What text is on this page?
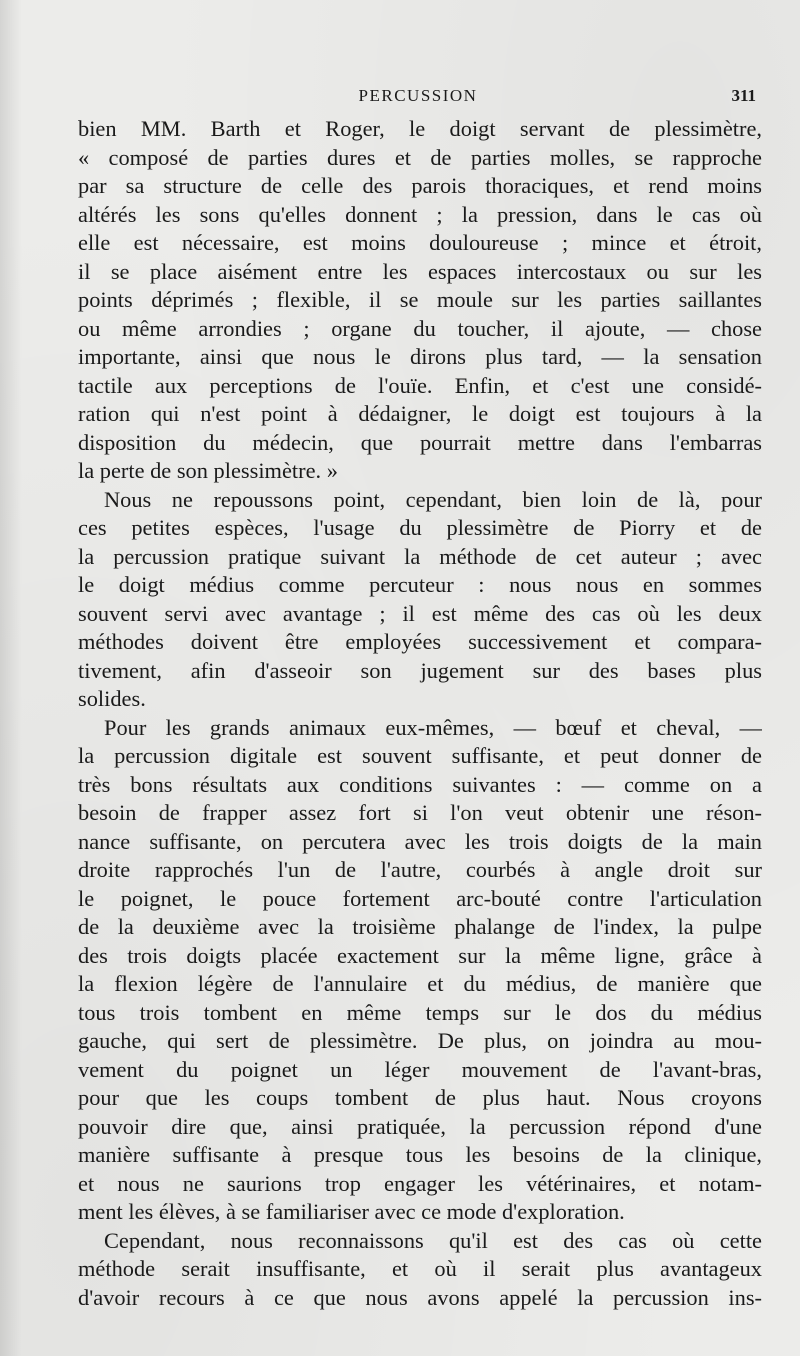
PERCUSSION	311
bien MM. Barth et Roger, le doigt servant de plessimètre,
« composé de parties dures et de parties molles, se rapproche
par sa structure de celle des parois thoraciques, et rend moins
altérés les sons qu'elles donnent ; la pression, dans le cas où
elle est nécessaire, est moins douloureuse ; mince et étroit,
il se place aisément entre les espaces intercostaux ou sur les
points déprimés ; flexible, il se moule sur les parties saillantes
ou même arrondies ; organe du toucher, il ajoute, — chose
importante, ainsi que nous le dirons plus tard, — la sensation
tactile aux perceptions de l'ouïe. Enfin, et c'est une considé-
ration qui n'est point à dédaigner, le doigt est toujours à la
disposition du médecin, que pourrait mettre dans l'embarras
la perte de son plessimètre. »
Nous ne repoussons point, cependant, bien loin de là, pour
ces petites espèces, l'usage du plessimètre de Piorry et de
la percussion pratique suivant la méthode de cet auteur ; avec
le doigt médius comme percuteur : nous nous en sommes
souvent servi avec avantage ; il est même des cas où les deux
méthodes doivent être employées successivement et compara-
tivement, afin d'asseoir son jugement sur des bases plus
solides.
Pour les grands animaux eux-mêmes, — bœuf et cheval, —
la percussion digitale est souvent suffisante, et peut donner de
très bons résultats aux conditions suivantes : — comme on a
besoin de frapper assez fort si l'on veut obtenir une réson-
nance suffisante, on percutera avec les trois doigts de la main
droite rapprochés l'un de l'autre, courbés à angle droit sur
le poignet, le pouce fortement arc-bouté contre l'articulation
de la deuxième avec la troisième phalange de l'index, la pulpe
des trois doigts placée exactement sur la même ligne, grâce à
la flexion légère de l'annulaire et du médius, de manière que
tous trois tombent en même temps sur le dos du médius
gauche, qui sert de plessimètre. De plus, on joindra au mou-
vement du poignet un léger mouvement de l'avant-bras,
pour que les coups tombent de plus haut. Nous croyons
pouvoir dire que, ainsi pratiquée, la percussion répond d'une
manière suffisante à presque tous les besoins de la clinique,
et nous ne saurions trop engager les vétérinaires, et notam-
ment les élèves, à se familiariser avec ce mode d'exploration.
Cependant, nous reconnaissons qu'il est des cas où cette
méthode serait insuffisante, et où il serait plus avantageux
d'avoir recours à ce que nous avons appelé la percussion ins-
